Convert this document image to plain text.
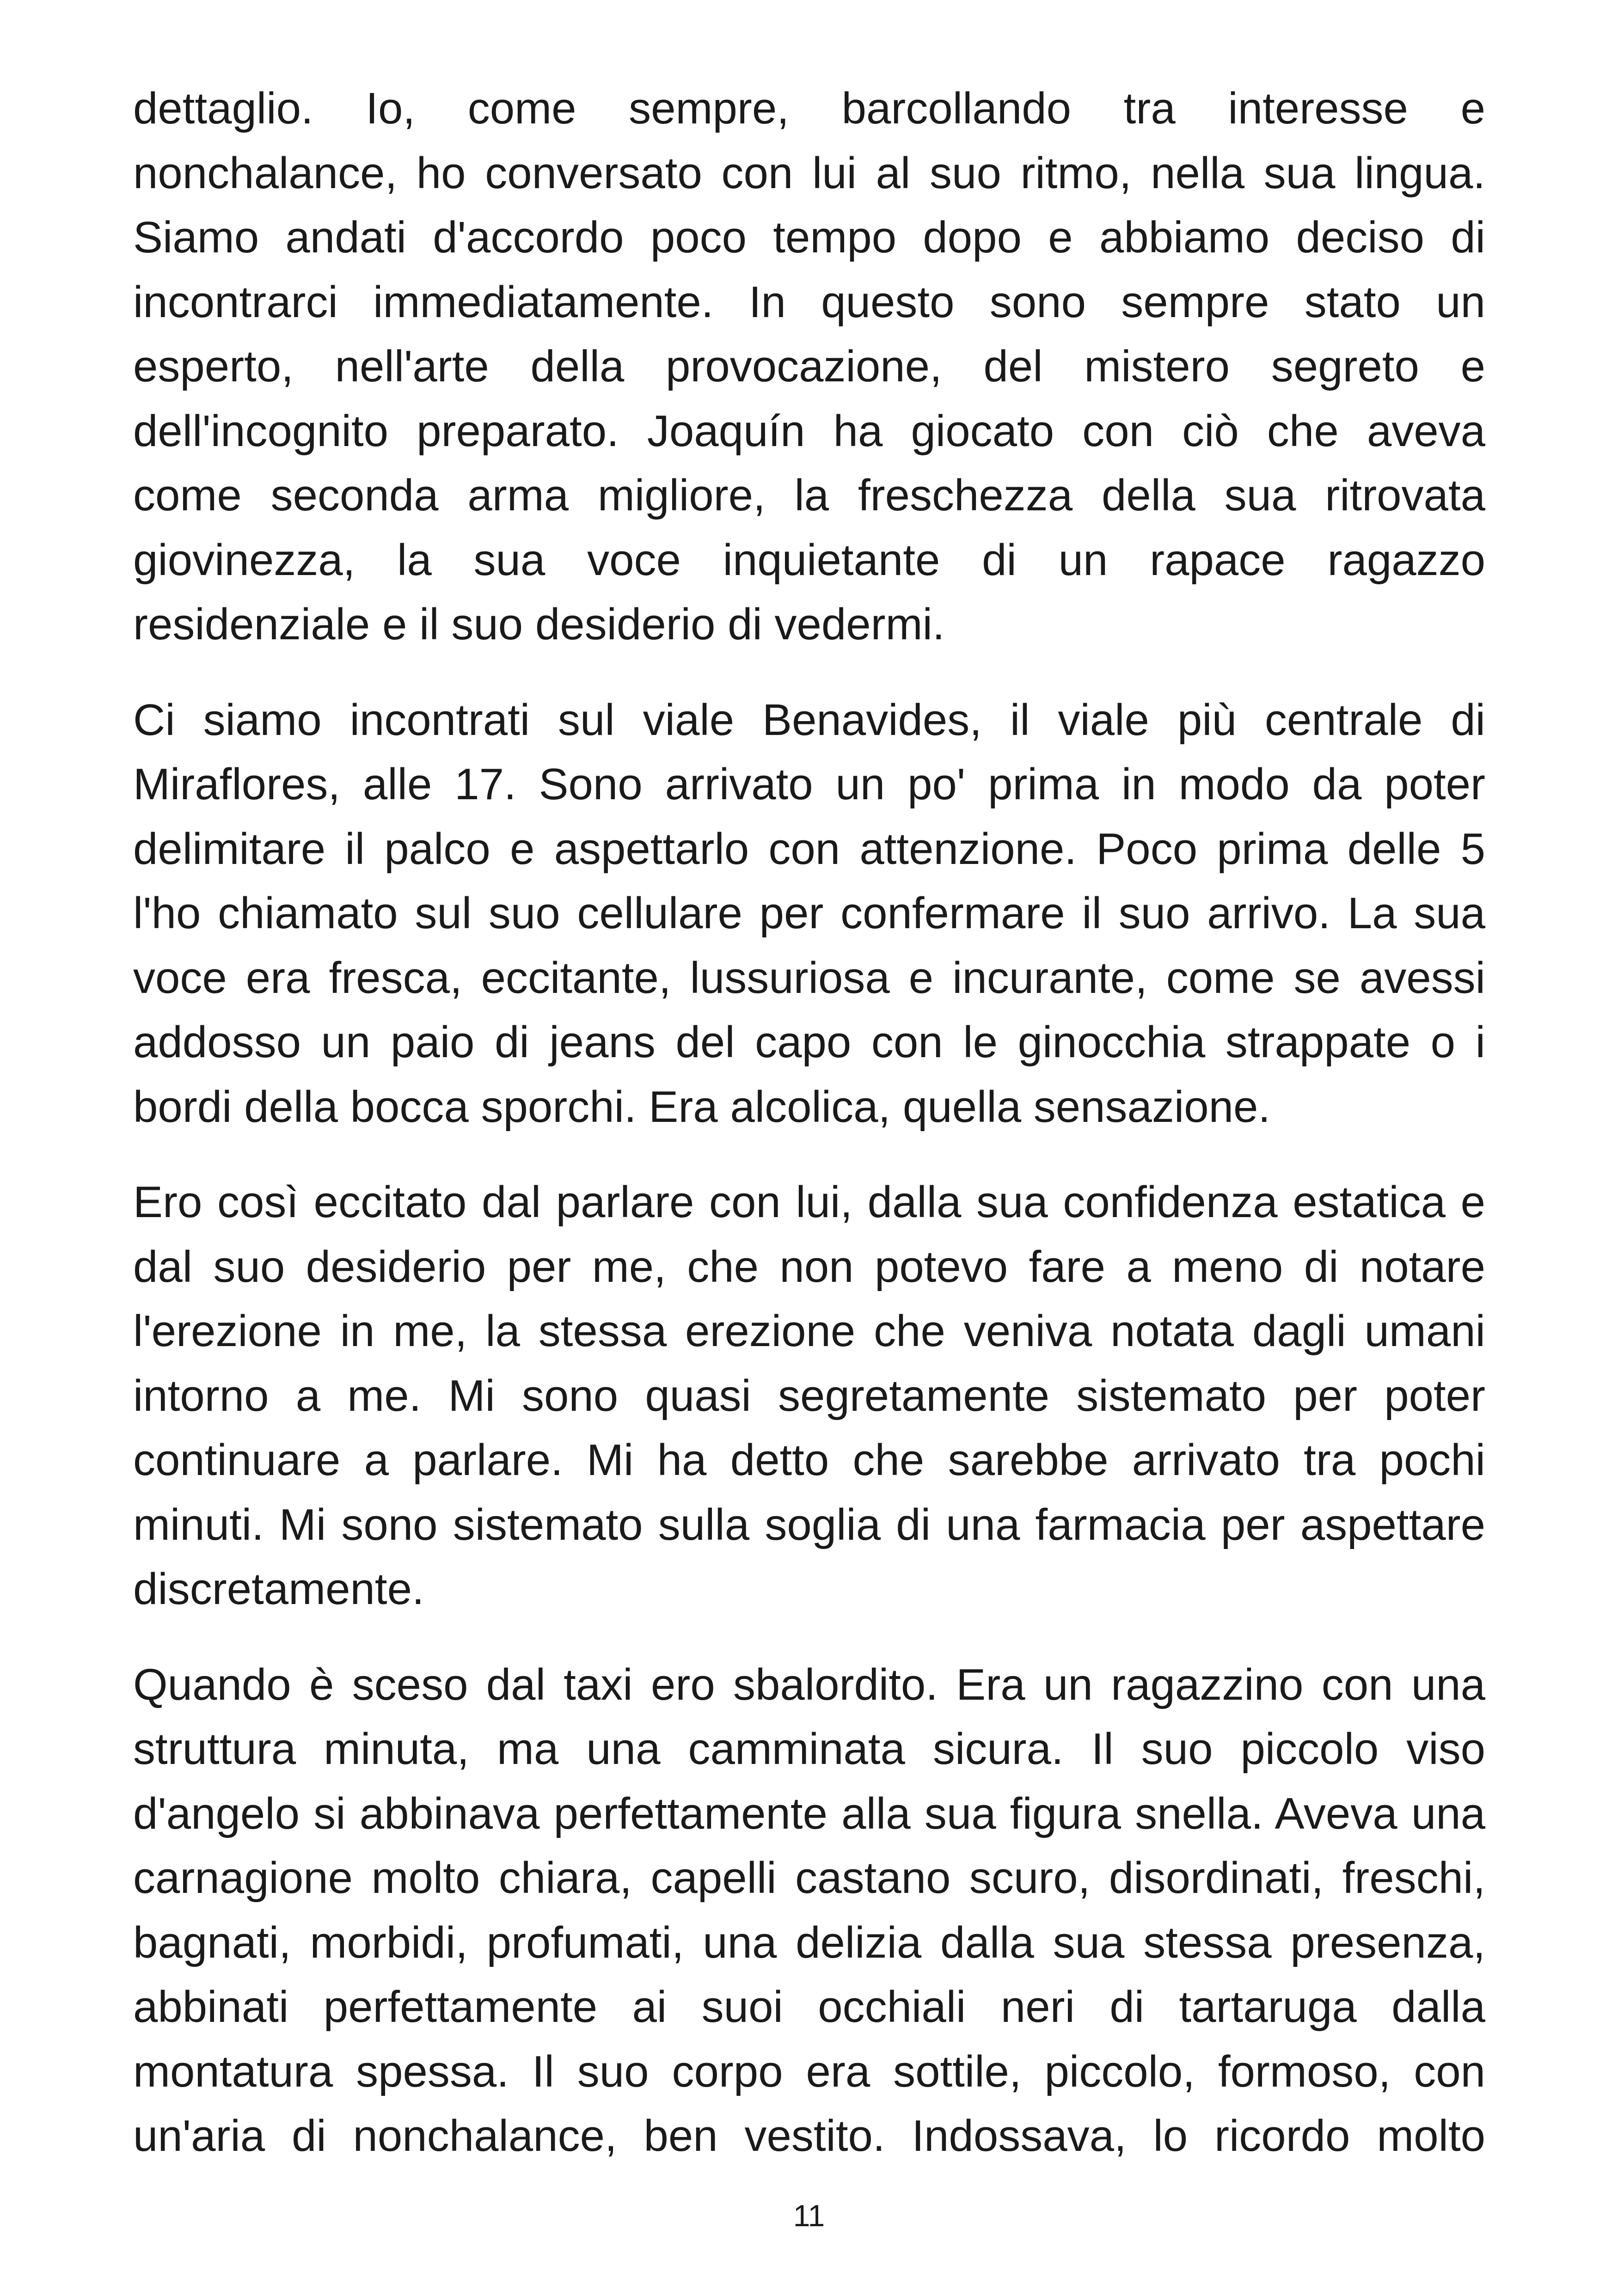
dettaglio. Io, come sempre, barcollando tra interesse e
nonchalance, ho conversato con lui al suo ritmo, nella sua lingua.
Siamo andati d'accordo poco tempo dopo e abbiamo deciso di
incontrarci immediatamente. In questo sono sempre stato un
esperto, nell'arte della provocazione, del mistero segreto e
dell'incognito preparato. Joaquín ha giocato con ciò che aveva
come seconda arma migliore, la freschezza della sua ritrovata
giovinezza, la sua voce inquietante di un rapace ragazzo
residenziale e il suo desiderio di vedermi.
Ci siamo incontrati sul viale Benavides, il viale più centrale di
Miraflores, alle 17. Sono arrivato un po' prima in modo da poter
delimitare il palco e aspettarlo con attenzione. Poco prima delle 5
l'ho chiamato sul suo cellulare per confermare il suo arrivo. La sua
voce era fresca, eccitante, lussuriosa e incurante, come se avessi
addosso un paio di jeans del capo con le ginocchia strappate o i
bordi della bocca sporchi. Era alcolica, quella sensazione.
Ero così eccitato dal parlare con lui, dalla sua confidenza estatica e
dal suo desiderio per me, che non potevo fare a meno di notare
l'erezione in me, la stessa erezione che veniva notata dagli umani
intorno a me. Mi sono quasi segretamente sistemato per poter
continuare a parlare. Mi ha detto che sarebbe arrivato tra pochi
minuti. Mi sono sistemato sulla soglia di una farmacia per aspettare
discretamente.
Quando è sceso dal taxi ero sbalordito. Era un ragazzino con una
struttura minuta, ma una camminata sicura. Il suo piccolo viso
d'angelo si abbinava perfettamente alla sua figura snella. Aveva una
carnagione molto chiara, capelli castano scuro, disordinati, freschi,
bagnati, morbidi, profumati, una delizia dalla sua stessa presenza,
abbinati perfettamente ai suoi occhiali neri di tartaruga dalla
montatura spessa. Il suo corpo era sottile, piccolo, formoso, con
un'aria di nonchalance, ben vestito. Indossava, lo ricordo molto
11
